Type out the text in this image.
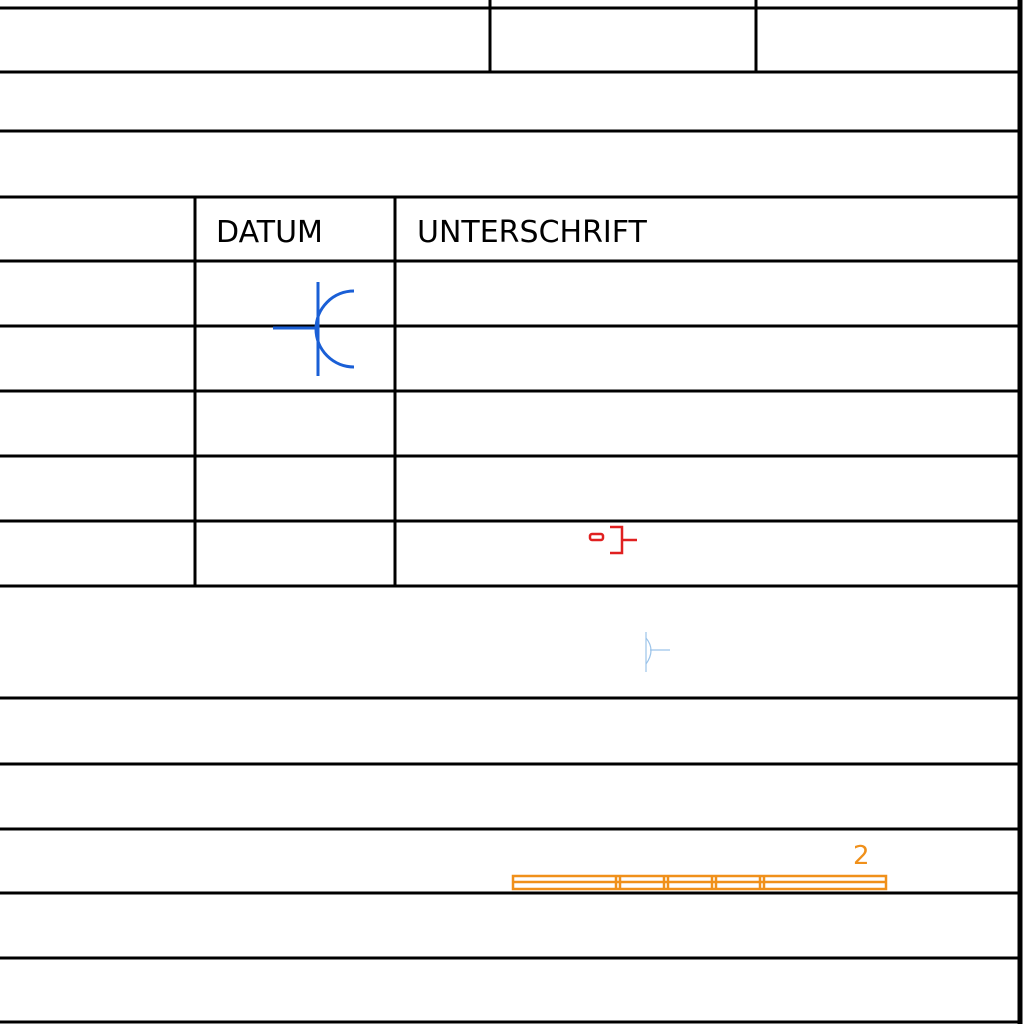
DATUM	UNTERSCHRIFT
2
